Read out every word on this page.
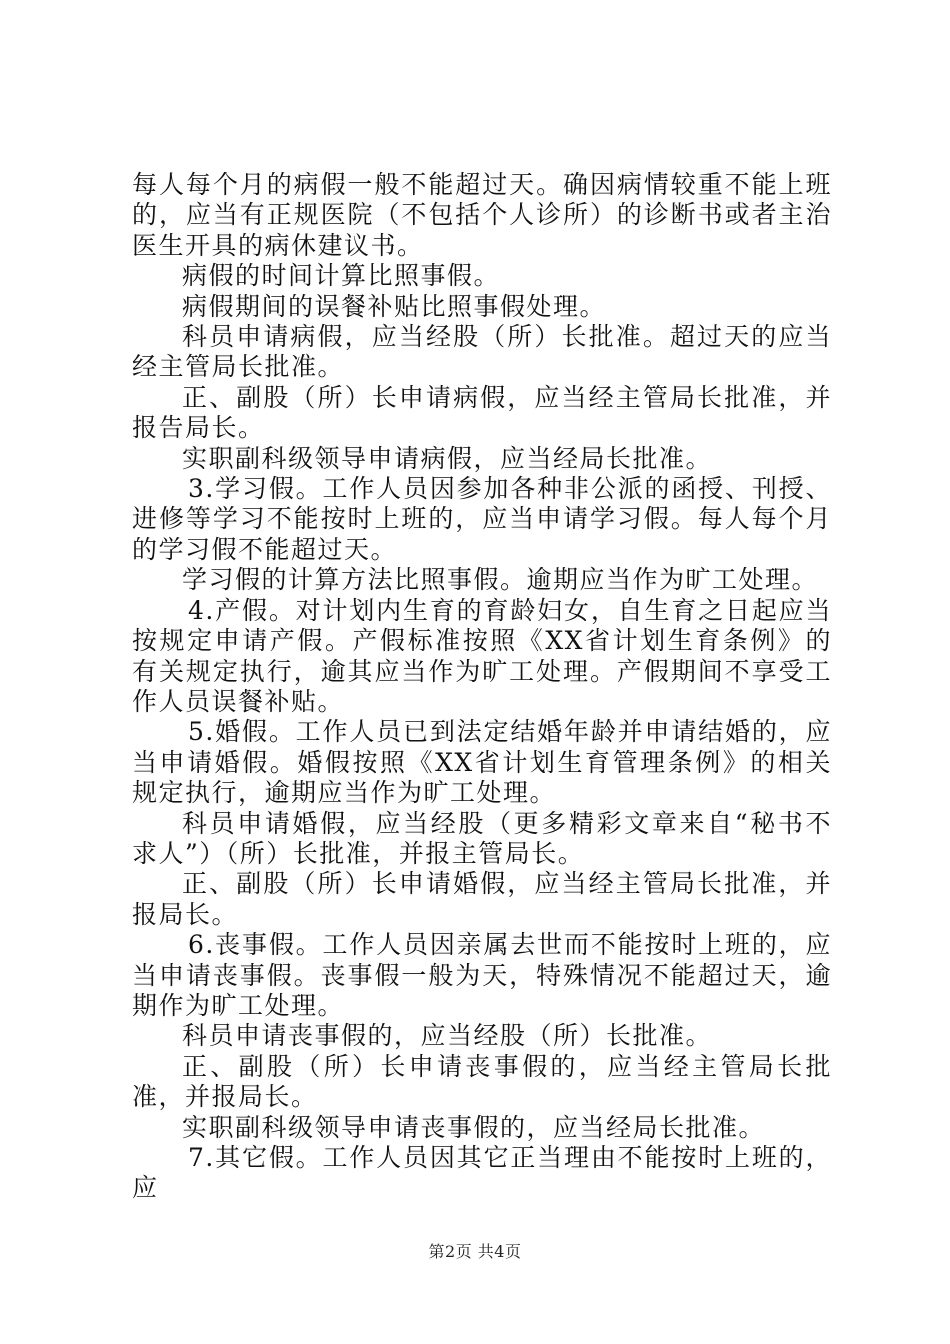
每人每个月的病假一般不能超过天。确因病情较重不能上班的，应当有正规医院（不包括个人诊所）的诊断书或者主治医生开具的病休建议书。

病假的时间计算比照事假。

病假期间的误餐补贴比照事假处理。

科员申请病假，应当经股（所）长批准。超过天的应当经主管局长批准。

正、副股（所）长申请病假，应当经主管局长批准，并报告局长。

实职副科级领导申请病假，应当经局长批准。

3.学习假。工作人员因参加各种非公派的函授、刊授、进修等学习不能按时上班的，应当申请学习假。每人每个月的学习假不能超过天。

学习假的计算方法比照事假。逾期应当作为旷工处理。

4.产假。对计划内生育的育龄妇女，自生育之日起应当按规定申请产假。产假标准按照《XX省计划生育条例》的有关规定执行，逾其应当作为旷工处理。产假期间不享受工作人员误餐补贴。

5.婚假。工作人员已到法定结婚年龄并申请结婚的，应当申请婚假。婚假按照《XX省计划生育管理条例》的相关规定执行，逾期应当作为旷工处理。

科员申请婚假，应当经股（更多精彩文章来自“秘书不求人”）（所）长批准，并报主管局长。

正、副股（所）长申请婚假，应当经主管局长批准，并报局长。

6.丧事假。工作人员因亲属去世而不能按时上班的，应当申请丧事假。丧事假一般为天，特殊情况不能超过天，逾期作为旷工处理。

科员申请丧事假的，应当经股（所）长批准。

正、副股（所）长申请丧事假的，应当经主管局长批准，并报局长。

实职副科级领导申请丧事假的，应当经局长批准。

7.其它假。工作人员因其它正当理由不能按时上班的，应

第2页 共4页
